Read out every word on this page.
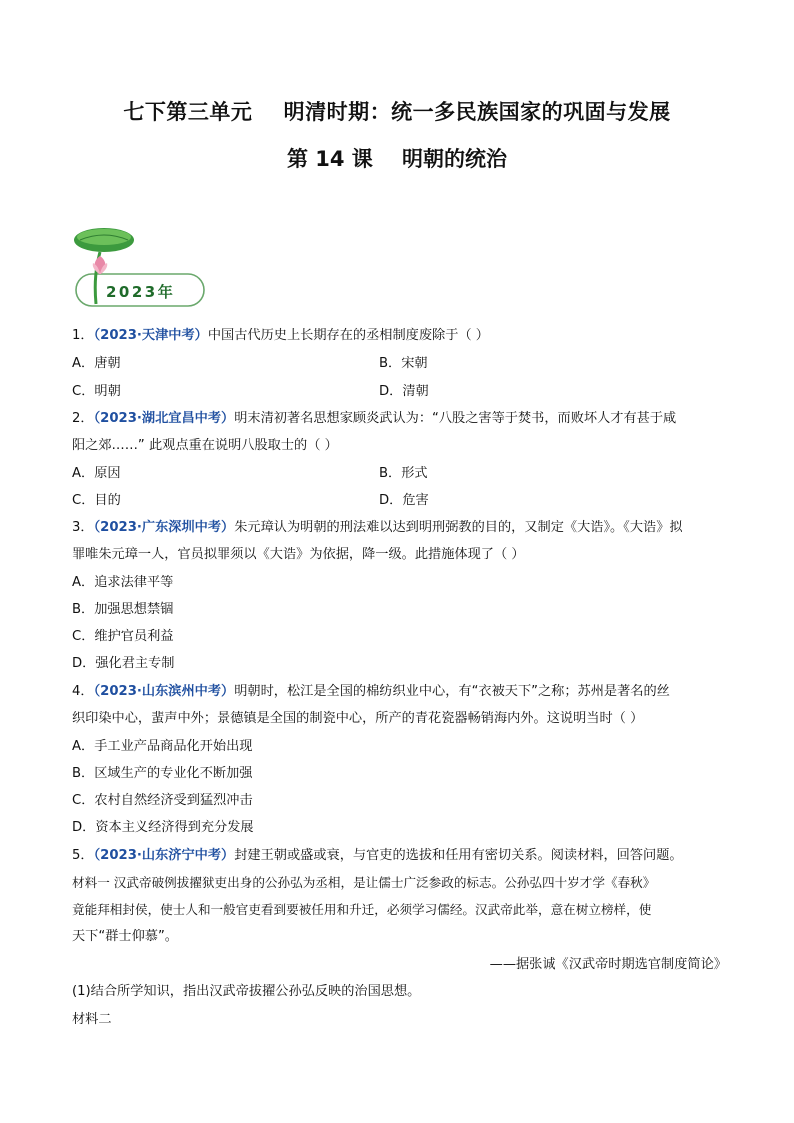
七下第三单元    明清时期：统一多民族国家的巩固与发展
第 14 课    明朝的统治
2023年
1．（2023·天津中考）中国古代历史上长期存在的丞相制度废除于（ ）
A．唐朝	B．宋朝
C．明朝	D．清朝
2．（2023·湖北宜昌中考）明末清初著名思想家顾炎武认为：“八股之害等于焚书，而败坏人才有甚于咸
阳之郊……” 此观点重在说明八股取士的（ ）
A．原因	B．形式
C．目的	D．危害
3．（2023·广东深圳中考）朱元璋认为明朝的刑法难以达到明刑弼教的目的，又制定《大诰》。《大诰》拟
罪唯朱元璋一人，官员拟罪须以《大诰》为依据，降一级。此措施体现了（ ）
A．追求法律平等
B．加强思想禁锢
C．维护官员利益
D．强化君主专制
4．（2023·山东滨州中考）明朝时，松江是全国的棉纺织业中心，有“衣被天下”之称；苏州是著名的丝
织印染中心，蜚声中外；景德镇是全国的制瓷中心，所产的青花瓷器畅销海内外。这说明当时（ ）
A．手工业产品商品化开始出现
B．区域生产的专业化不断加强
C．农村自然经济受到猛烈冲击
D．资本主义经济得到充分发展
5．（2023·山东济宁中考）封建王朝或盛或衰，与官吏的选拔和任用有密切关系。阅读材料，回答问题。
材料一 汉武帝破例拔擢狱吏出身的公孙弘为丞相，是让儒士广泛参政的标志。公孙弘四十岁才学《春秋》
竟能拜相封侯，使士人和一般官吏看到要被任用和升迁，必须学习儒经。汉武帝此举，意在树立榜样，使
天下“群士仰慕”。
——据张诚《汉武帝时期选官制度简论》
(1)结合所学知识，指出汉武帝拔擢公孙弘反映的治国思想。
材料二
